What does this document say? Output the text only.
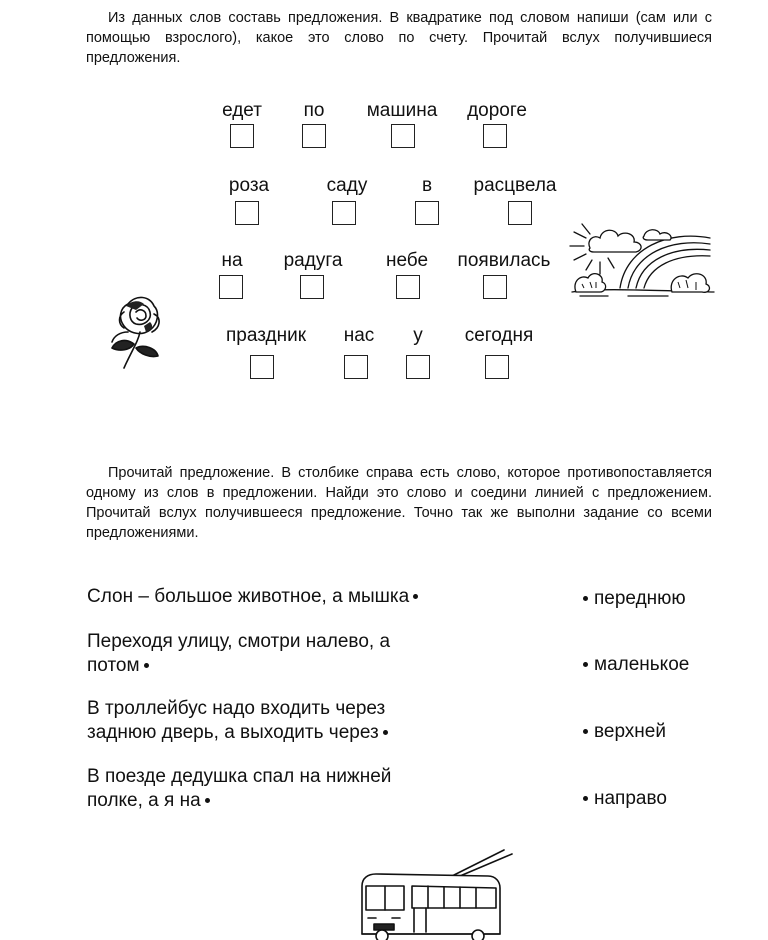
Из данных слов составь предложения. В квадратике под словом напиши (сам или с помощью взрослого), какое это слово по счету. Прочитай вслух получившиеся предложения.

едет по машина дороге
роза	саду	в расцвела
на радуга небе появилась
праздник нас у сегодня

Прочитай предложение. В столбике справа есть слово, которое противопоставляется одному из слов в предложении. Найди это слово и соедини линией с предложением. Прочитай вслух получившееся предложение. Точно так же выполни задание со всеми предложениями.

Слон – большое животное, а мышка
Переходя улицу, смотри налево, а
потом
В троллейбус надо входить через
заднюю дверь, а выходить через
В поезде дедушка спал на нижней
полке, а я на
переднюю
маленькое
верхней
направо
